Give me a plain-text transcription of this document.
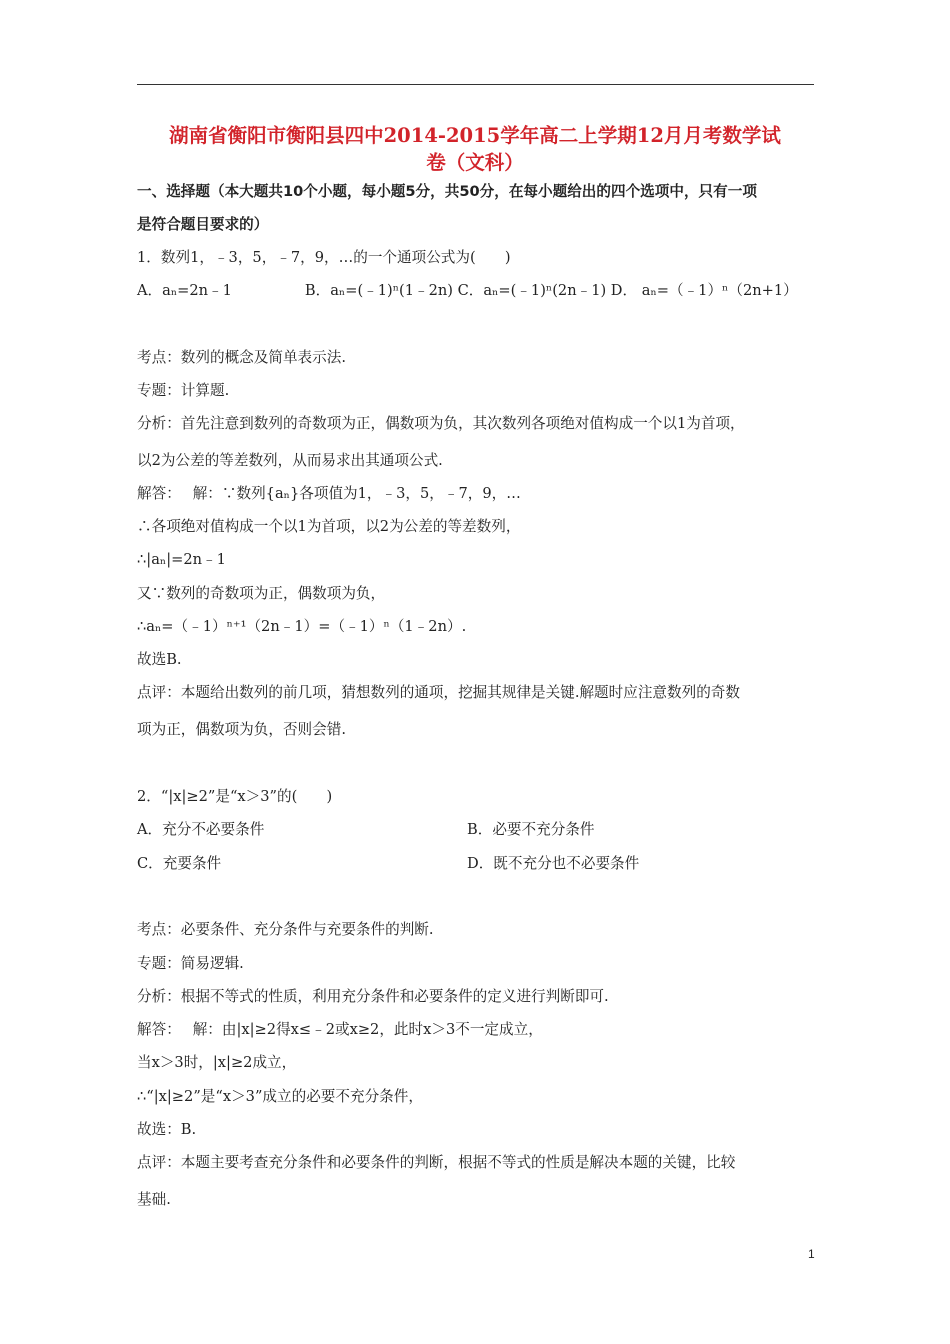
湖南省衡阳市衡阳县四中2014-2015学年高二上学期12月月考数学试
卷（文科）
一、选择题（本大题共10个小题，每小题5分，共50分，在每小题给出的四个选项中，只有一项
是符合题目要求的）
1．数列1，﹣3，5，﹣7，9，…的一个通项公式为(　　)
A．aₙ=2n﹣1　　　　　B．aₙ=(﹣1)ⁿ(1﹣2n) C．aₙ=(﹣1)ⁿ(2n﹣1) D． aₙ=（﹣1）ⁿ（2n+1）
考点：数列的概念及简单表示法.
专题：计算题.
分析：首先注意到数列的奇数项为正，偶数项为负，其次数列各项绝对值构成一个以1为首项，
以2为公差的等差数列，从而易求出其通项公式.
解答：　 解：∵数列{aₙ}各项值为1，﹣3，5，﹣7，9，…
∴各项绝对值构成一个以1为首项，以2为公差的等差数列，
∴|aₙ|=2n﹣1
又∵数列的奇数项为正，偶数项为负，
∴aₙ=（﹣1）ⁿ⁺¹（2n﹣1）=（﹣1）ⁿ（1﹣2n）.
故选B.
点评：本题给出数列的前几项，猜想数列的通项，挖掘其规律是关键.解题时应注意数列的奇数
项为正，偶数项为负，否则会错.
2．“|x|≥2”是“x＞3”的(　　)
A．充分不必要条件	B．必要不充分条件
C．充要条件	D．既不充分也不必要条件
考点：必要条件、充分条件与充要条件的判断.
专题：简易逻辑.
分析：根据不等式的性质，利用充分条件和必要条件的定义进行判断即可.
解答：　 解：由|x|≥2得x≤﹣2或x≥2，此时x＞3不一定成立，
当x＞3时，|x|≥2成立，
∴“|x|≥2”是“x＞3”成立的必要不充分条件，
故选：B.
点评：本题主要考查充分条件和必要条件的判断，根据不等式的性质是解决本题的关键，比较
基础.
1
